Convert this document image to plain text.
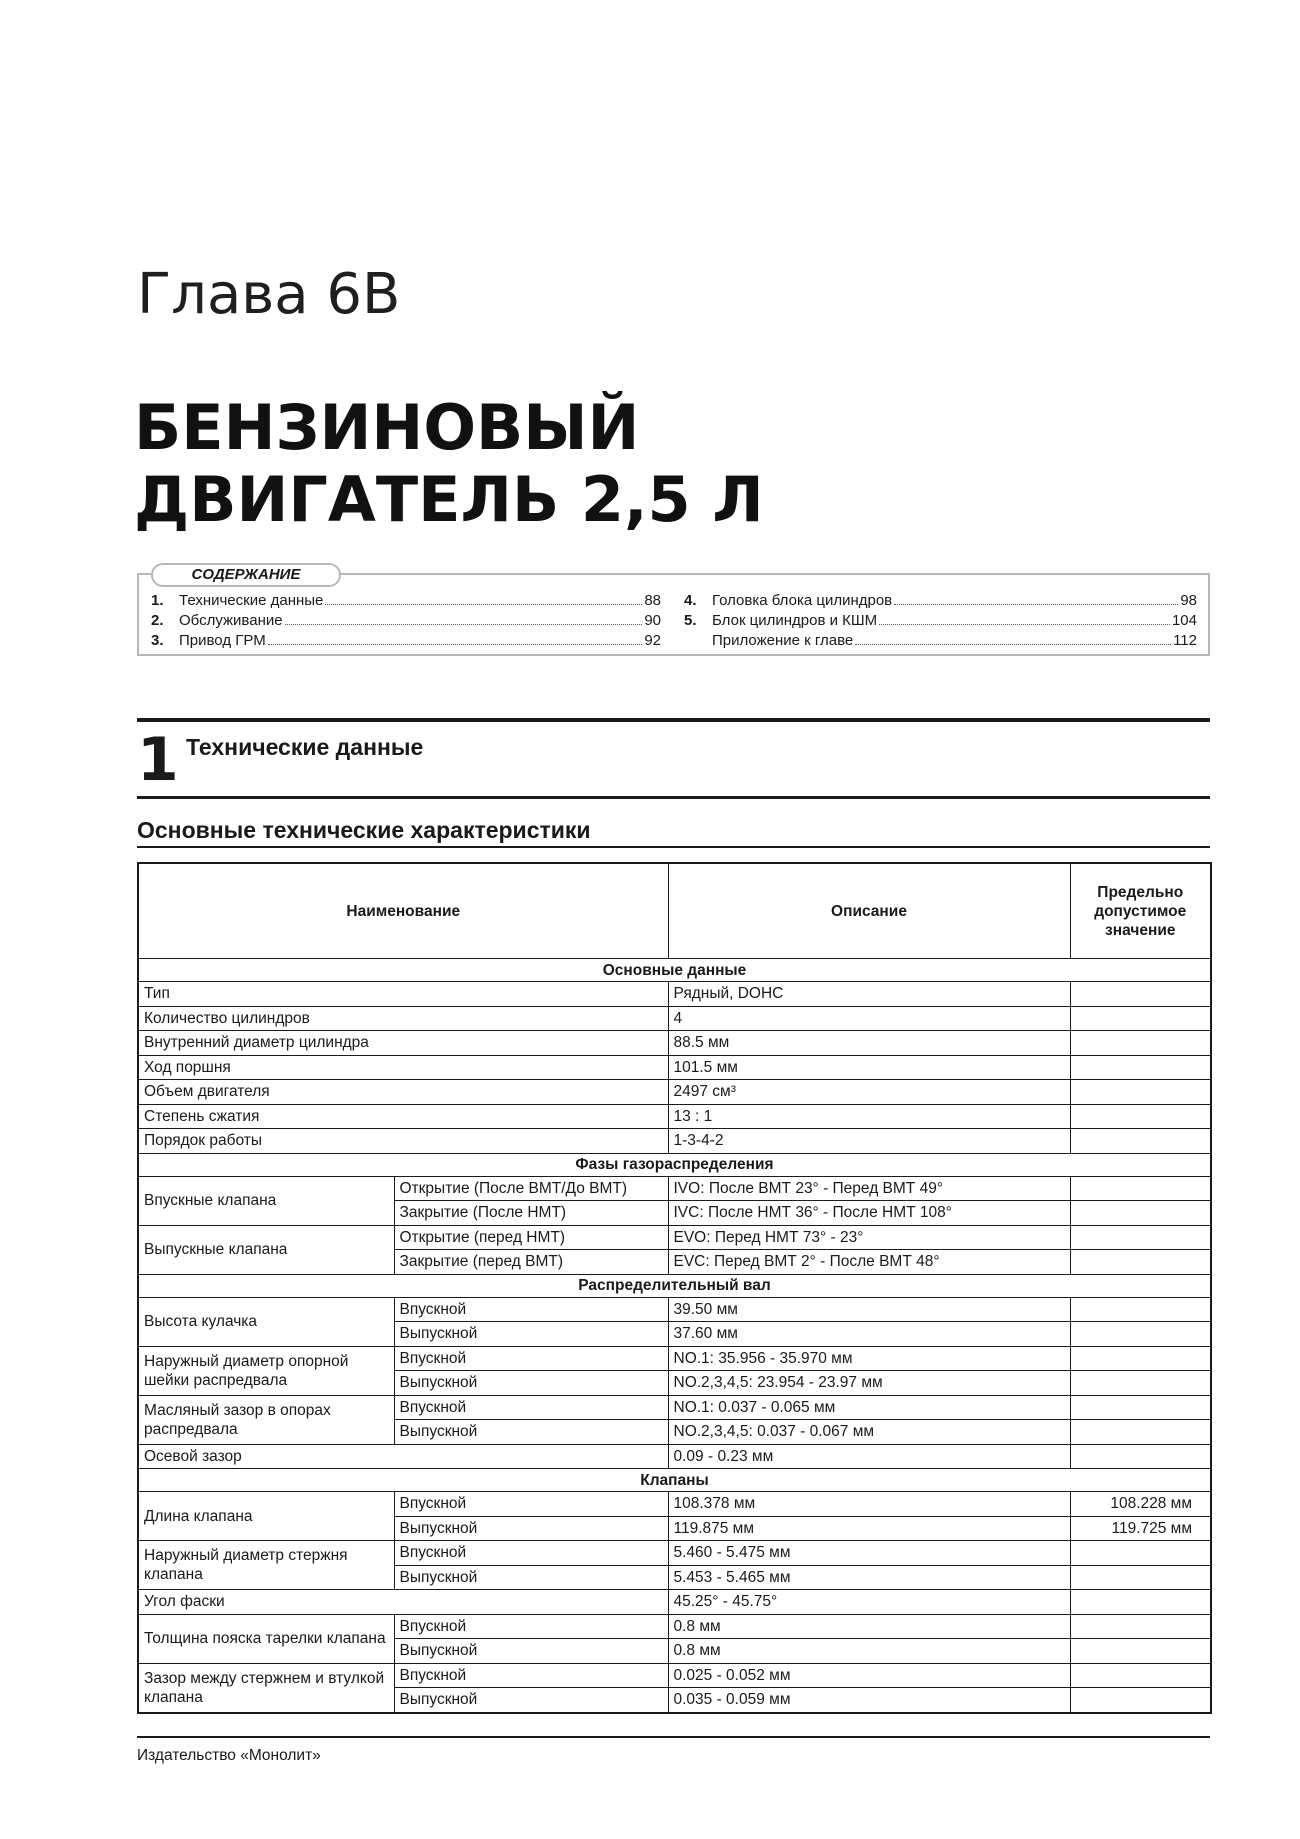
Глава 6В
БЕНЗИНОВЫЙ
ДВИГАТЕЛЬ 2,5 Л
СОДЕРЖАНИЕ
1.	Технические данные	88
2.	Обслуживание	90
3.	Привод ГРМ	92
4.	Головка блока цилиндров	98
5.	Блок цилиндров и КШМ	104
Приложение к главе	112
1 Технические данные
Основные технические характеристики
Наименование		Описание	Предельно допустимое значение
Основные данные			
Тип		Рядный, DOHC	
Количество цилиндров		4	
Внутренний диаметр цилиндра		88.5 мм	
Ход поршня		101.5 мм	
Объем двигателя		2497 см³	
Степень сжатия		13 : 1	
Порядок работы		1-3-4-2	
Фазы газораспределения			
Впускные клапана	Открытие (После ВМТ/До ВМТ)	IVO: После ВМТ 23° - Перед ВМТ 49°	
	Закрытие (После НМТ)	IVC: После НМТ 36° - После НМТ 108°	
Выпускные клапана	Открытие (перед НМТ)	EVO: Перед НМТ 73° - 23°	
	Закрытие (перед ВМТ)	EVC: Перед ВМТ 2° - После ВМТ 48°	
Распределительный вал			
Высота кулачка	Впускной	39.50 мм	
	Выпускной	37.60 мм	
Наружный диаметр опорной шейки распредвала	Впускной	NO.1: 35.956 - 35.970 мм	
	Выпускной	NO.2,3,4,5: 23.954 - 23.97 мм	
Масляный зазор в опорах распредвала	Впускной	NO.1: 0.037 - 0.065 мм	
	Выпускной	NO.2,3,4,5: 0.037 - 0.067 мм	
Осевой зазор		0.09 - 0.23 мм	
Клапаны			
Длина клапана	Впускной	108.378 мм	108.228 мм
	Выпускной	119.875 мм	119.725 мм
Наружный диаметр стержня клапана	Впускной	5.460 - 5.475 мм	
	Выпускной	5.453 - 5.465 мм	
Угол фаски		45.25° - 45.75°	
Толщина пояска тарелки клапана	Впускной	0.8 мм	
	Выпускной	0.8 мм	
Зазор между стержнем и втулкой клапана	Впускной	0.025 - 0.052 мм	
	Выпускной	0.035 - 0.059 мм	
Издательство «Монолит»
